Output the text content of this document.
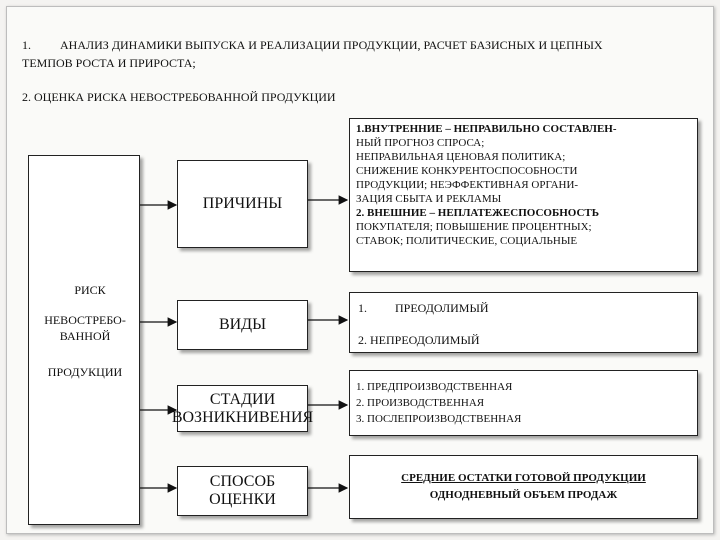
1. АНАЛИЗ ДИНАМИКИ ВЫПУСКА И РЕАЛИЗАЦИИ ПРОДУКЦИИ, РАСЧЕТ БАЗИСНЫХ И ЦЕПНЫХ
ТЕМПОВ РОСТА И ПРИРОСТА;
2. ОЦЕНКА РИСКА НЕВОСТРЕБОВАННОЙ ПРОДУКЦИИ
РИСК
НЕВОСТРЕБО-
ВАННОЙ
ПРОДУКЦИИ
ПРИЧИНЫ
ВИДЫ
СТАДИИ ВОЗНИКНИВЕНИЯ
СПОСОБ ОЦЕНКИ
1.ВНУТРЕННИЕ – НЕПРАВИЛЬНО СОСТАВЛЕН-
НЫЙ ПРОГНОЗ СПРОСА;
НЕПРАВИЛЬНАЯ ЦЕНОВАЯ ПОЛИТИКА;
СНИЖЕНИЕ КОНКУРЕНТОСПОСОБНОСТИ
ПРОДУКЦИИ; НЕЭФФЕКТИВНАЯ ОРГАНИ-
ЗАЦИЯ СБЫТА И РЕКЛАМЫ
2. ВНЕШНИЕ – НЕПЛАТЕЖЕСПОСОБНОСТЬ
ПОКУПАТЕЛЯ; ПОВЫШЕНИЕ ПРОЦЕНТНЫХ;
СТАВОК; ПОЛИТИЧЕСКИЕ, СОЦИАЛЬНЫЕ
1. ПРЕОДОЛИМЫЙ
2. НЕПРЕОДОЛИМЫЙ
1. ПРЕДПРОИЗВОДСТВЕННАЯ
2. ПРОИЗВОДСТВЕННАЯ
3. ПОСЛЕПРОИЗВОДСТВЕННАЯ
СРЕДНИЕ ОСТАТКИ ГОТОВОЙ ПРОДУКЦИИ
ОДНОДНЕВНЫЙ ОБЪЕМ ПРОДАЖ
